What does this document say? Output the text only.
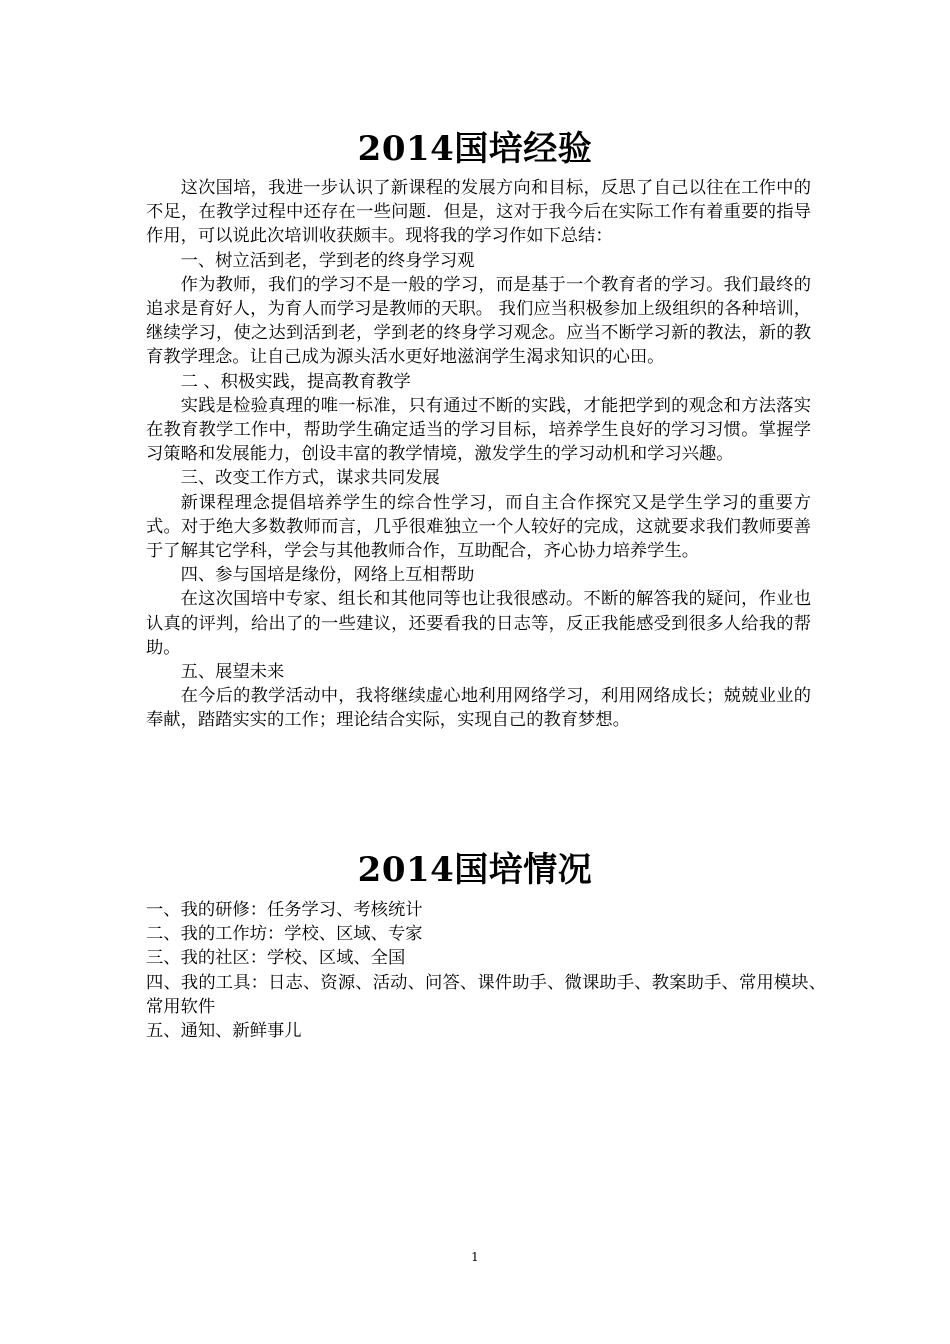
2014国培经验

这次国培，我进一步认识了新课程的发展方向和目标，反思了自己以往在工作中的不足，在教学过程中还存在一些问题．但是，这对于我今后在实际工作有着重要的指导作用，可以说此次培训收获颇丰。现将我的学习作如下总结：

一、树立活到老，学到老的终身学习观

作为教师，我们的学习不是一般的学习，而是基于一个教育者的学习。我们最终的追求是育好人，为育人而学习是教师的天职。 我们应当积极参加上级组织的各种培训，继续学习，使之达到活到老，学到老的终身学习观念。应当不断学习新的教法，新的教育教学理念。让自己成为源头活水更好地滋润学生渴求知识的心田。

二 、积极实践，提高教育教学

实践是检验真理的唯一标准，只有通过不断的实践，才能把学到的观念和方法落实在教育教学工作中，帮助学生确定适当的学习目标，培养学生良好的学习习惯。掌握学习策略和发展能力，创设丰富的教学情境，激发学生的学习动机和学习兴趣。

三、改变工作方式，谋求共同发展

新课程理念提倡培养学生的综合性学习，而自主合作探究又是学生学习的重要方式。对于绝大多数教师而言，几乎很难独立一个人较好的完成，这就要求我们教师要善于了解其它学科，学会与其他教师合作，互助配合，齐心协力培养学生。

四、参与国培是缘份，网络上互相帮助

在这次国培中专家、组长和其他同等也让我很感动。不断的解答我的疑问，作业也认真的评判，给出了的一些建议，还要看我的日志等，反正我能感受到很多人给我的帮助。

五、展望未来

在今后的教学活动中，我将继续虚心地利用网络学习，利用网络成长；兢兢业业的奉献，踏踏实实的工作；理论结合实际，实现自己的教育梦想。

2014国培情况

一、我的研修：任务学习、考核统计

二、我的工作坊：学校、区域、专家

三、我的社区：学校、区域、全国

四、我的工具：日志、资源、活动、问答、课件助手、微课助手、教案助手、常用模块、常用软件

五、通知、新鲜事儿

1
